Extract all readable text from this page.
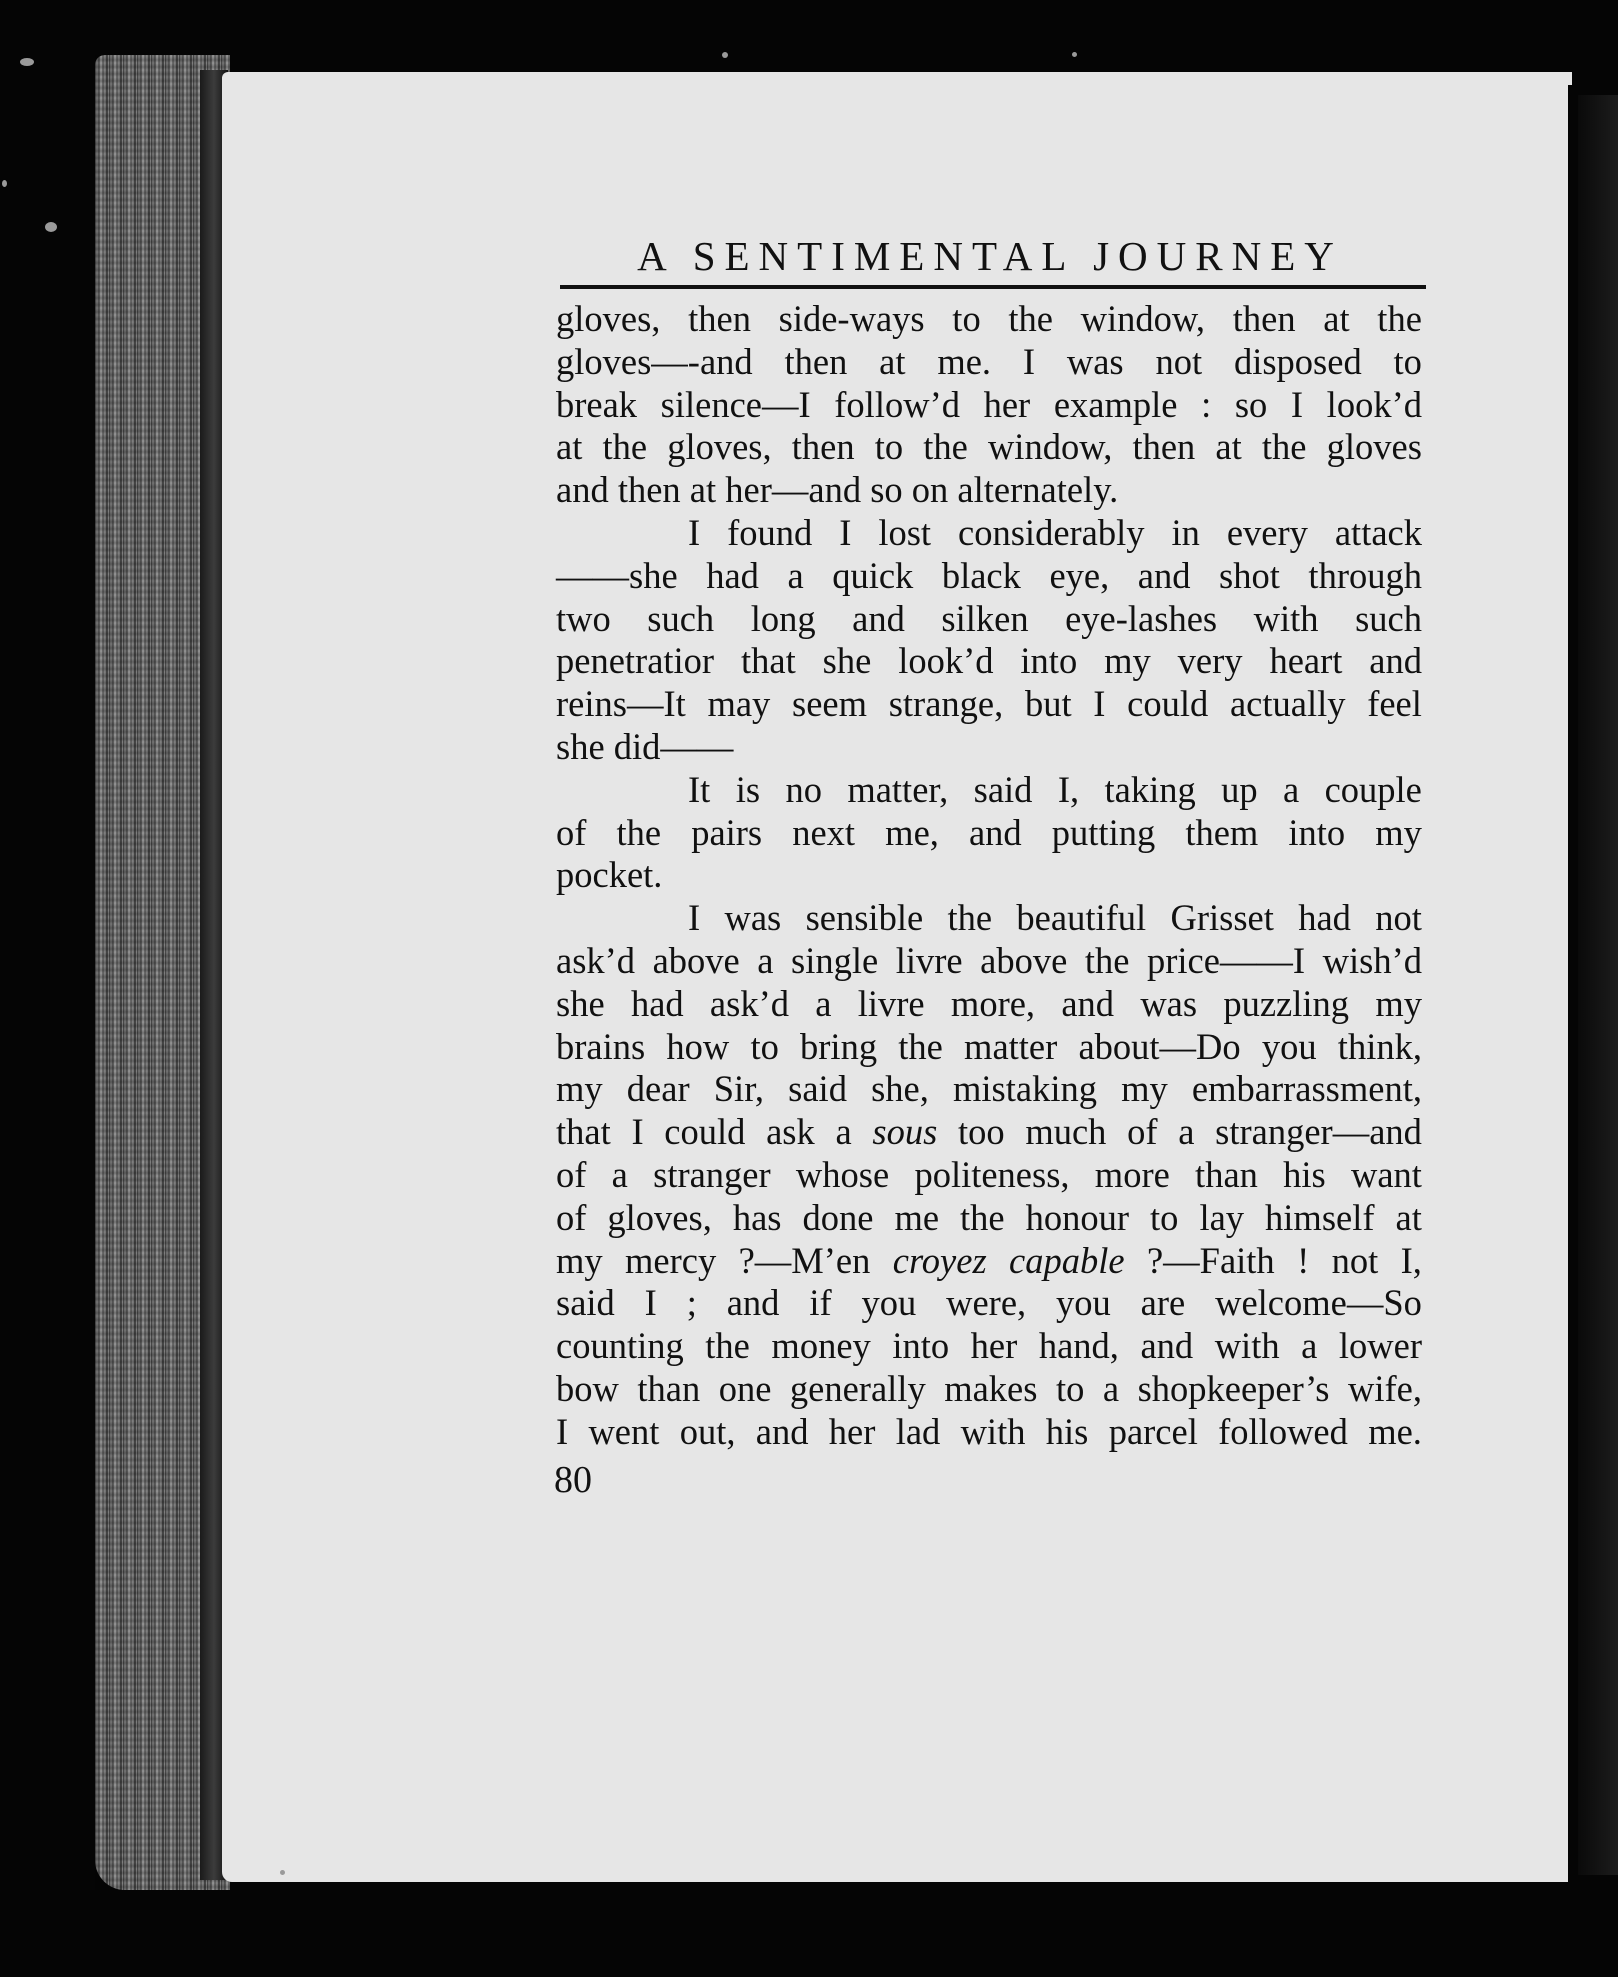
A SENTIMENTAL JOURNEY
gloves, then side-ways to the window, then at the
gloves—-and then at me. I was not disposed to
break silence—I follow’d her example : so I look’d
at the gloves, then to the window, then at the gloves
and then at her—and so on alternately.
I found I lost considerably in every attack
——she had a quick black eye, and shot through
two such long and silken eye-lashes with such
penetratior that she look’d into my very heart and
reins—It may seem strange, but I could actually feel
she did——
It is no matter, said I, taking up a couple
of the pairs next me, and putting them into my
pocket.
I was sensible the beautiful Grisset had not
ask’d above a single livre above the price——I wish’d
she had ask’d a livre more, and was puzzling my
brains how to bring the matter about—Do you think,
my dear Sir, said she, mistaking my embarrassment,
that I could ask a sous too much of a stranger—and
of a stranger whose politeness, more than his want
of gloves, has done me the honour to lay himself at
my mercy ?—M’en croyez capable ?—Faith ! not I,
said I ; and if you were, you are welcome—So
counting the money into her hand, and with a lower
bow than one generally makes to a shopkeeper’s wife,
I went out, and her lad with his parcel followed me.
80
